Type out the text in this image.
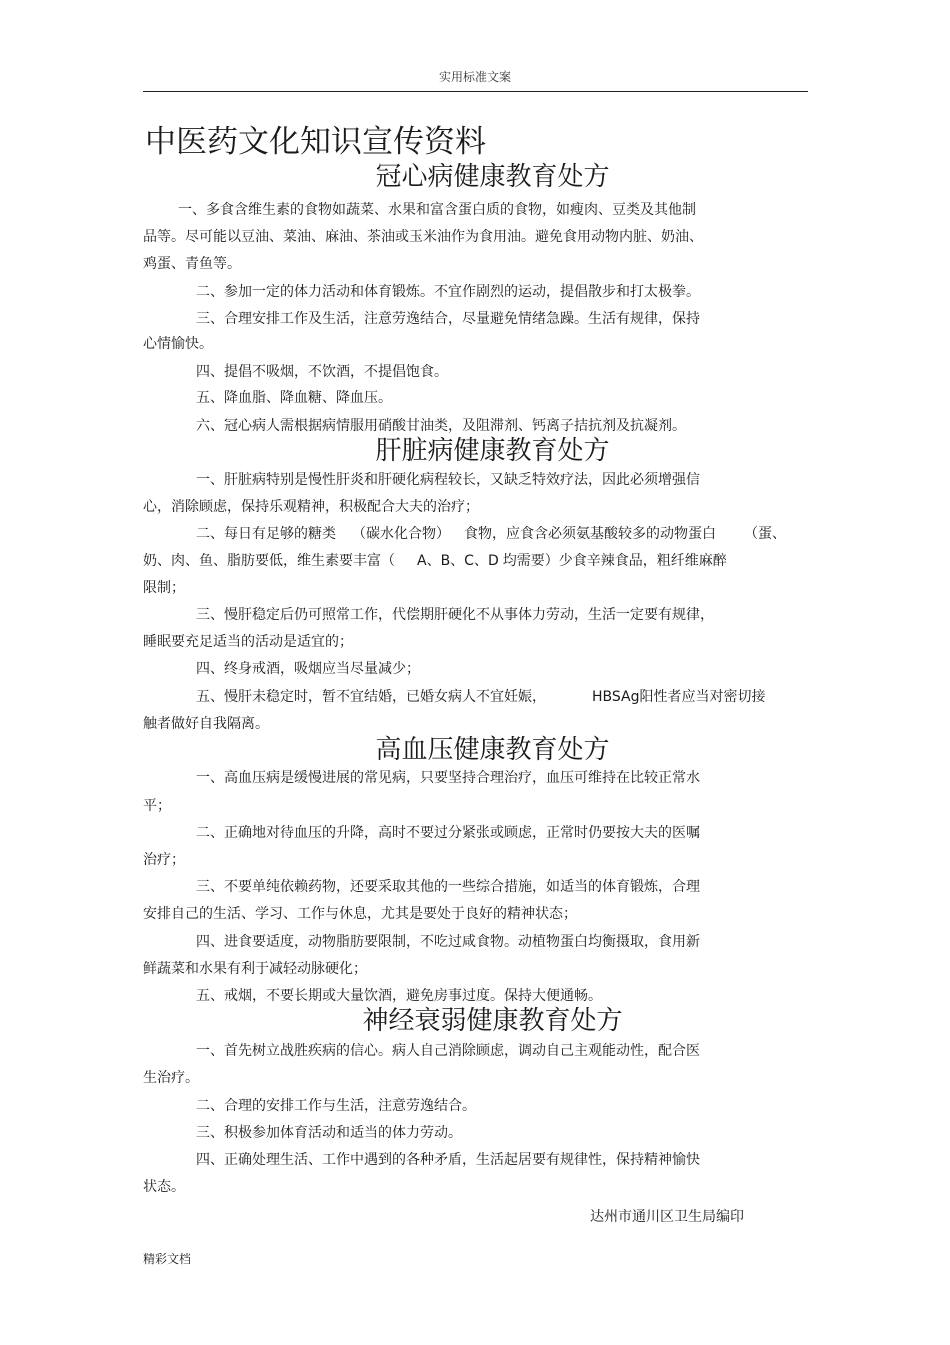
实用标准文案
中医药文化知识宣传资料
冠心病健康教育处方
一、多食含维生素的食物如蔬菜、水果和富含蛋白质的食物，如瘦肉、豆类及其他制
品等。尽可能以豆油、菜油、麻油、茶油或玉米油作为食用油。避免食用动物内脏、奶油、
鸡蛋、青鱼等。
二、参加一定的体力活动和体育锻炼。不宜作剧烈的运动，提倡散步和打太极拳。
三、合理安排工作及生活，注意劳逸结合，尽量避免情绪急躁。生活有规律，保持
心情愉快。
四、提倡不吸烟，不饮酒，不提倡饱食。
五、降血脂、降血糖、降血压。
六、冠心病人需根据病情服用硝酸甘油类，及阻滞剂、钙离子拮抗剂及抗凝剂。
肝脏病健康教育处方
一、肝脏病特别是慢性肝炎和肝硬化病程较长，又缺乏特效疗法，因此必须增强信
心，消除顾虑，保持乐观精神，积极配合大夫的治疗；
二、每日有足够的糖类 （碳水化合物） 食物，应食含必须氨基酸较多的动物蛋白 （蛋、
奶、肉、鱼、脂肪要低，维生素要丰富（ A、B、C、D 均需要）少食辛辣食品，粗纤维麻醉
限制；
三、慢肝稳定后仍可照常工作，代偿期肝硬化不从事体力劳动，生活一定要有规律，
睡眠要充足适当的活动是适宜的；
四、终身戒酒，吸烟应当尽量减少；
五、慢肝未稳定时，暂不宜结婚，已婚女病人不宜妊娠，	HBSAg阳性者应当对密切接
触者做好自我隔离。
高血压健康教育处方
一、高血压病是缓慢进展的常见病，只要坚持合理治疗，血压可维持在比较正常水
平；
二、正确地对待血压的升降，高时不要过分紧张或顾虑，正常时仍要按大夫的医嘱
治疗；
三、不要单纯依赖药物，还要采取其他的一些综合措施，如适当的体育锻炼，合理
安排自己的生活、学习、工作与休息，尤其是要处于良好的精神状态；
四、进食要适度，动物脂肪要限制，不吃过咸食物。动植物蛋白均衡摄取，食用新
鲜蔬菜和水果有利于减轻动脉硬化；
五、戒烟，不要长期或大量饮酒，避免房事过度。保持大便通畅。
神经衰弱健康教育处方
一、首先树立战胜疾病的信心。病人自己消除顾虑，调动自己主观能动性，配合医
生治疗。
二、合理的安排工作与生活，注意劳逸结合。
三、积极参加体育活动和适当的体力劳动。
四、正确处理生活、工作中遇到的各种矛盾，生活起居要有规律性，保持精神愉快
状态。
达州市通川区卫生局编印
精彩文档
